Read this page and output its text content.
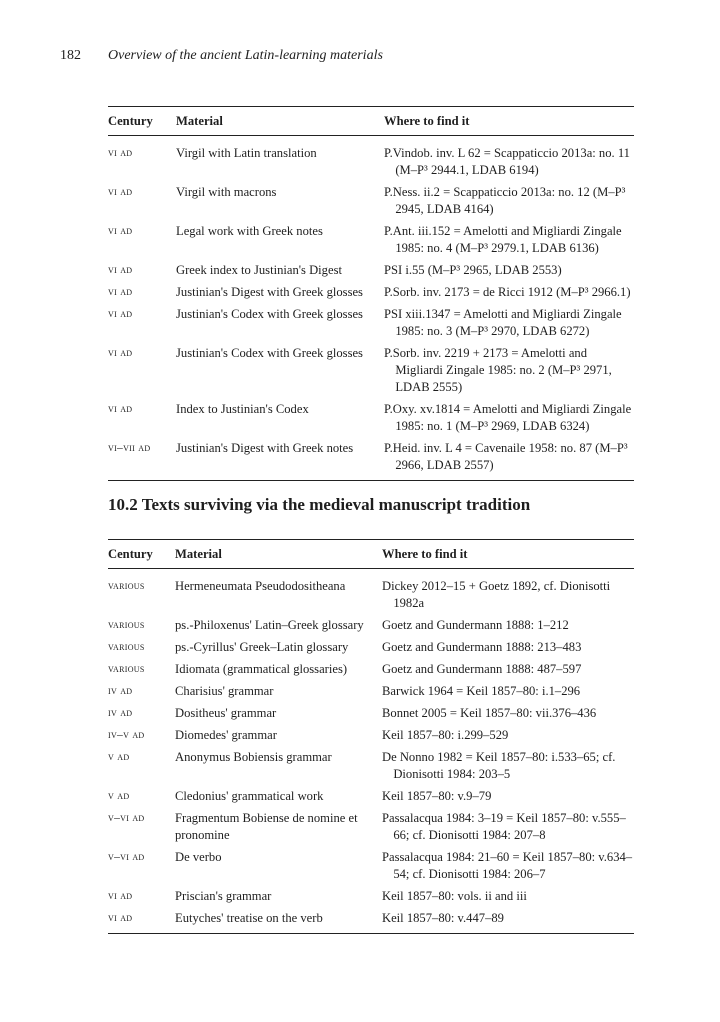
182 Overview of the ancient Latin-learning materials
Century	Material	Where to find it
vi ad	Virgil with Latin translation	P.Vindob. inv. L 62 = Scappaticcio 2013a: no. 11 (M–P³ 2944.1, LDAB 6194)
vi ad	Virgil with macrons	P.Ness. ii.2 = Scappaticcio 2013a: no. 12 (M–P³ 2945, LDAB 4164)
vi ad	Legal work with Greek notes	P.Ant. iii.152 = Amelotti and Migliardi Zingale 1985: no. 4 (M–P³ 2979.1, LDAB 6136)
vi ad	Greek index to Justinian's Digest	PSI i.55 (M–P³ 2965, LDAB 2553)
vi ad	Justinian's Digest with Greek glosses	P.Sorb. inv. 2173 = de Ricci 1912 (M–P³ 2966.1)
vi ad	Justinian's Codex with Greek glosses	PSI xiii.1347 = Amelotti and Migliardi Zingale 1985: no. 3 (M–P³ 2970, LDAB 6272)
vi ad	Justinian's Codex with Greek glosses	P.Sorb. inv. 2219 + 2173 = Amelotti and Migliardi Zingale 1985: no. 2 (M–P³ 2971, LDAB 2555)
vi ad	Index to Justinian's Codex	P.Oxy. xv.1814 = Amelotti and Migliardi Zingale 1985: no. 1 (M–P³ 2969, LDAB 6324)
vi–vii ad	Justinian's Digest with Greek notes	P.Heid. inv. L 4 = Cavenaile 1958: no. 87 (M–P³ 2966, LDAB 2557)
10.2 Texts surviving via the medieval manuscript tradition
Century	Material	Where to find it
various	Hermeneumata Pseudodositheana	Dickey 2012–15 + Goetz 1892, cf. Dionisotti 1982a
various	ps.-Philoxenus' Latin–Greek glossary	Goetz and Gundermann 1888: 1–212
various	ps.-Cyrillus' Greek–Latin glossary	Goetz and Gundermann 1888: 213–483
various	Idiomata (grammatical glossaries)	Goetz and Gundermann 1888: 487–597
iv ad	Charisius' grammar	Barwick 1964 = Keil 1857–80: i.1–296
iv ad	Dositheus' grammar	Bonnet 2005 = Keil 1857–80: vii.376–436
iv–v ad	Diomedes' grammar	Keil 1857–80: i.299–529
v ad	Anonymus Bobiensis grammar	De Nonno 1982 = Keil 1857–80: i.533–65; cf. Dionisotti 1984: 203–5
v ad	Cledonius' grammatical work	Keil 1857–80: v.9–79
v–vi ad	Fragmentum Bobiense de nomine et pronomine	Passalacqua 1984: 3–19 = Keil 1857–80: v.555–66; cf. Dionisotti 1984: 207–8
v–vi ad	De verbo	Passalacqua 1984: 21–60 = Keil 1857–80: v.634–54; cf. Dionisotti 1984: 206–7
vi ad	Priscian's grammar	Keil 1857–80: vols. ii and iii
vi ad	Eutyches' treatise on the verb	Keil 1857–80: v.447–89
